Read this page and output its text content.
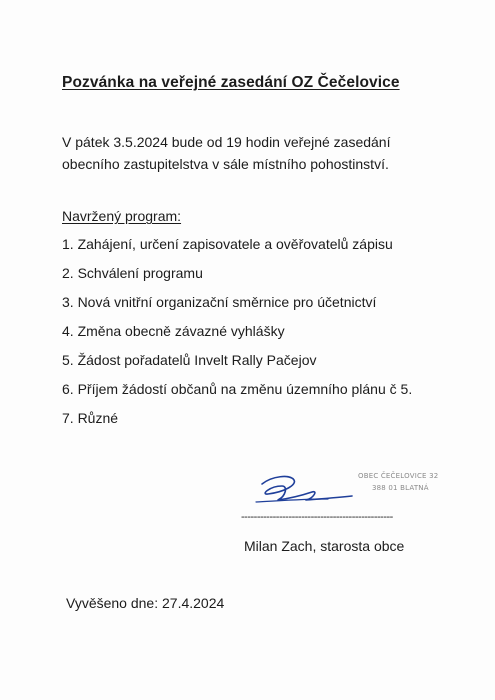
Pozvánka na veřejné zasedání OZ Čečelovice
V pátek 3.5.2024 bude od 19 hodin veřejné zasedání
obecního zastupitelstva v sále místního pohostinství.
Navržený program:
1. Zahájení, určení zapisovatele a ověřovatelů zápisu
2. Schválení programu
3. Nová vnitřní organizační směrnice pro účetnictví
4. Změna obecně závazné vyhlášky
5. Žádost pořadatelů Invelt Rally Pačejov
6. Příjem žádostí občanů na změnu územního plánu č 5.
7. Různé
OBEC ČEČELOVICE 32
388 01 BLATNÁ
------------------------------------------------
Milan Zach, starosta obce
Vyvěšeno dne: 27.4.2024
